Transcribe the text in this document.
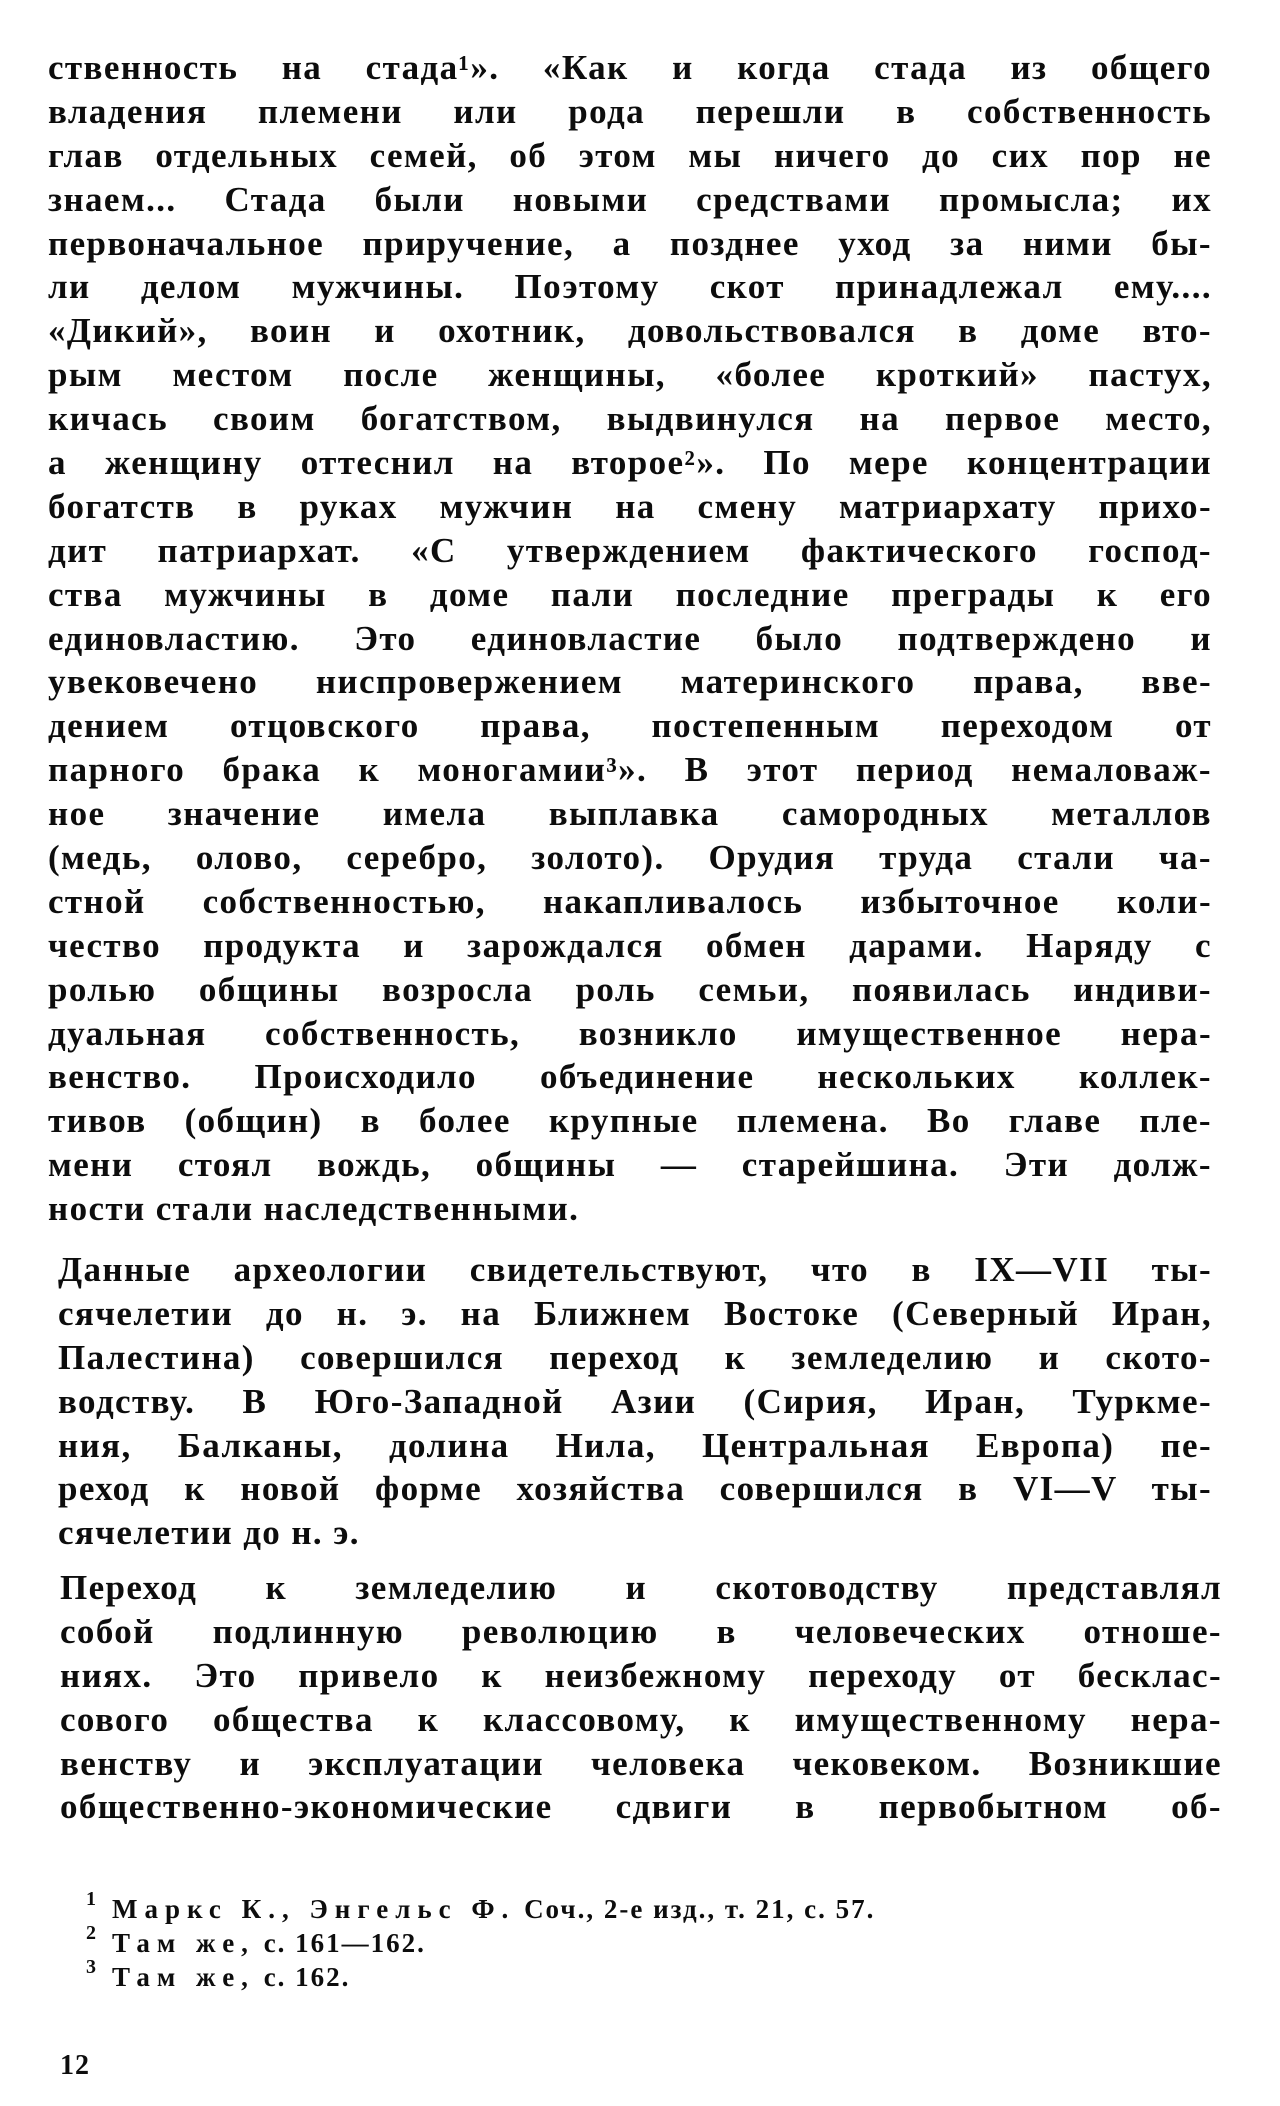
ственность на стада¹». «Как и когда стада из общего
владения племени или рода перешли в собственность
глав отдельных семей, об этом мы ничего до сих пор не
знаем... Стада были новыми средствами промысла; их
первоначальное приручение, а позднее уход за ними бы-
ли делом мужчины. Поэтому скот принадлежал ему....
«Дикий», воин и охотник, довольствовался в доме вто-
рым местом после женщины, «более кроткий» пастух,
кичась своим богатством, выдвинулся на первое место,
а женщину оттеснил на второе²». По мере концентрации
богатств в руках мужчин на смену матриархату прихо-
дит патриархат. «С утверждением фактического господ-
ства мужчины в доме пали последние преграды к его
единовластию. Это единовластие было подтверждено и
увековечено ниспровержением материнского права, вве-
дением отцовского права, постепенным переходом от
парного брака к моногамии³». В этот период немаловаж-
ное значение имела выплавка самородных металлов
(медь, олово, серебро, золото). Орудия труда стали ча-
стной собственностью, накапливалось избыточное коли-
чество продукта и зарождался обмен дарами. Наряду с
ролью общины возросла роль семьи, появилась индиви-
дуальная собственность, возникло имущественное нера-
венство. Происходило объединение нескольких коллек-
тивов (общин) в более крупные племена. Во главе пле-
мени стоял вождь, общины — старейшина. Эти долж-
ности стали наследственными.
Данные археологии свидетельствуют, что в IX—VII ты-
сячелетии до н. э. на Ближнем Востоке (Северный Иран,
Палестина) совершился переход к земледелию и ското-
водству. В Юго-Западной Азии (Сирия, Иран, Туркме-
ния, Балканы, долина Нила, Центральная Европа) пе-
реход к новой форме хозяйства совершился в VI—V ты-
сячелетии до н. э.
Переход к земледелию и скотоводству представлял
собой подлинную революцию в человеческих отноше-
ниях. Это привело к неизбежному переходу от бесклас-
сового общества к классовому, к имущественному нера-
венству и эксплуатации человека чековеком. Возникшие
общественно-экономические сдвиги в первобытном об-
1 Маркс К., Энгельс Ф. Соч., 2-е изд., т. 21, с. 57.
2 Там же, с. 161—162.
3 Там же, с. 162.
12
